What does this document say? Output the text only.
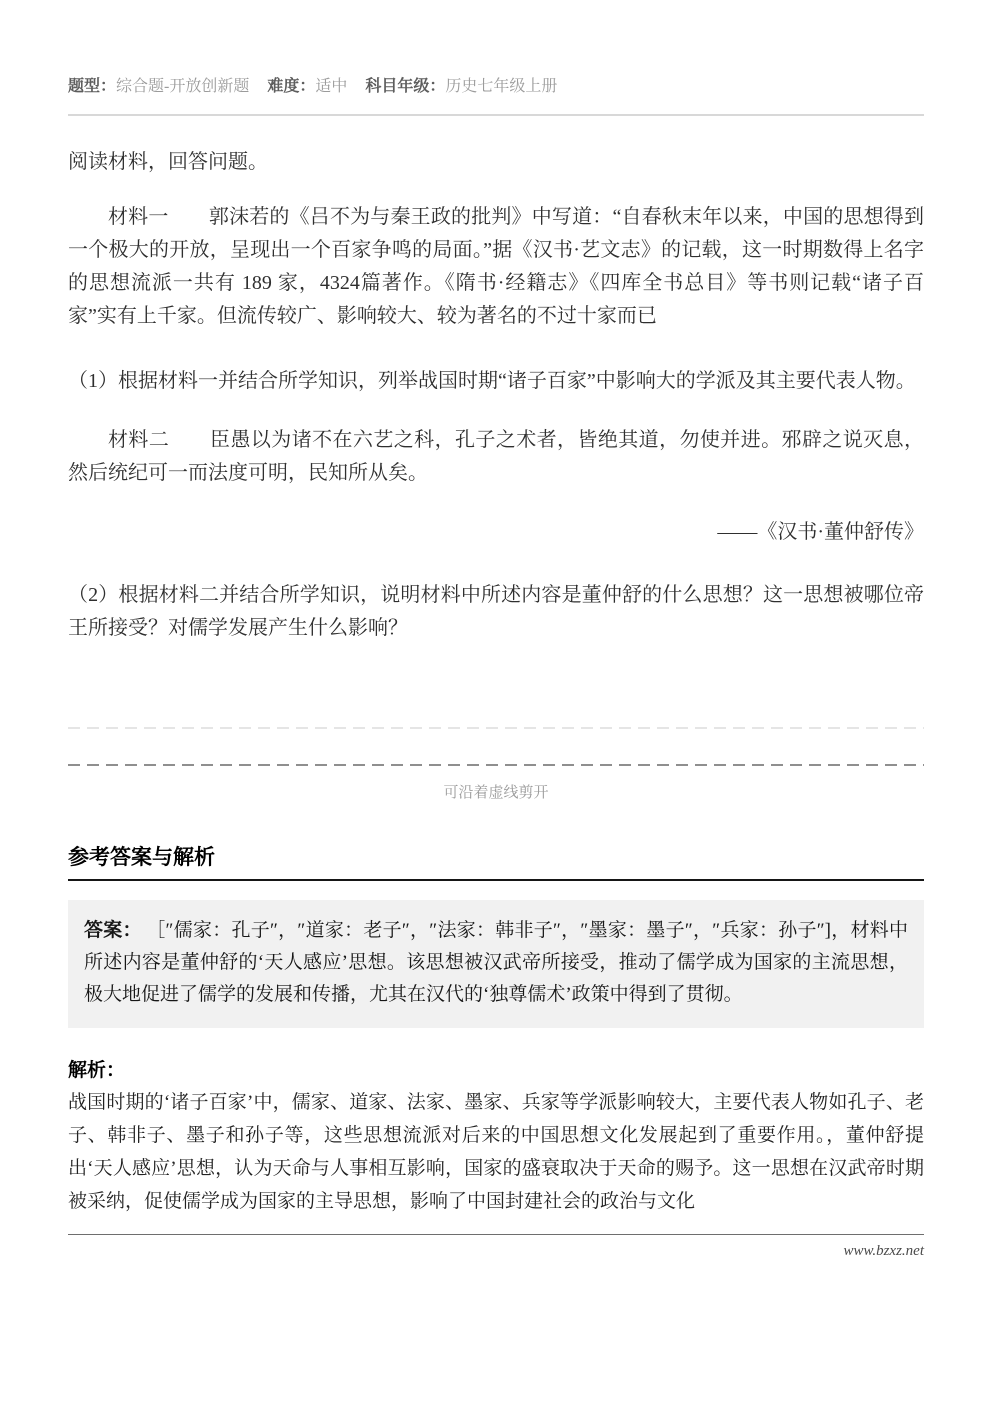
题型：综合题-开放创新题 难度：适中 科目年级：历史七年级上册

阅读材料，回答问题。

材料一　　郭沫若的《吕不为与秦王政的批判》中写道：“自春秋末年以来，中国的思想得到一个极大的开放，呈现出一个百家争鸣的局面。”据《汉书·艺文志》的记载，这一时期数得上名字的思想流派一共有 189 家，4324篇著作。《隋书·经籍志》《四库全书总目》等书则记载“诸子百家”实有上千家。但流传较广、影响较大、较为著名的不过十家而已

（1）根据材料一并结合所学知识，列举战国时期“诸子百家”中影响大的学派及其主要代表人物。

材料二　　臣愚以为诸不在六艺之科，孔子之术者，皆绝其道，勿使并进。邪辟之说灭息，然后统纪可一而法度可明，民知所从矣。

——《汉书·董仲舒传》

（2）根据材料二并结合所学知识，说明材料中所述内容是董仲舒的什么思想？这一思想被哪位帝王所接受？对儒学发展产生什么影响？

可沿着虚线剪开
参考答案与解析
答案： ［″儒家：孔子″，″道家：老子″，″法家：韩非子″，″墨家：墨子″，″兵家：孙子″]，材料中所述内容是董仲舒的‘天人感应’思想。该思想被汉武帝所接受，推动了儒学成为国家的主流思想，极大地促进了儒学的发展和传播，尤其在汉代的‘独尊儒术’政策中得到了贯彻。
解析：

战国时期的‘诸子百家’中，儒家、道家、法家、墨家、兵家等学派影响较大，主要代表人物如孔子、老子、韩非子、墨子和孙子等，这些思想流派对后来的中国思想文化发展起到了重要作用。，董仲舒提出‘天人感应’思想，认为天命与人事相互影响，国家的盛衰取决于天命的赐予。这一思想在汉武帝时期被采纳，促使儒学成为国家的主导思想，影响了中国封建社会的政治与文化

www.bzxz.net
